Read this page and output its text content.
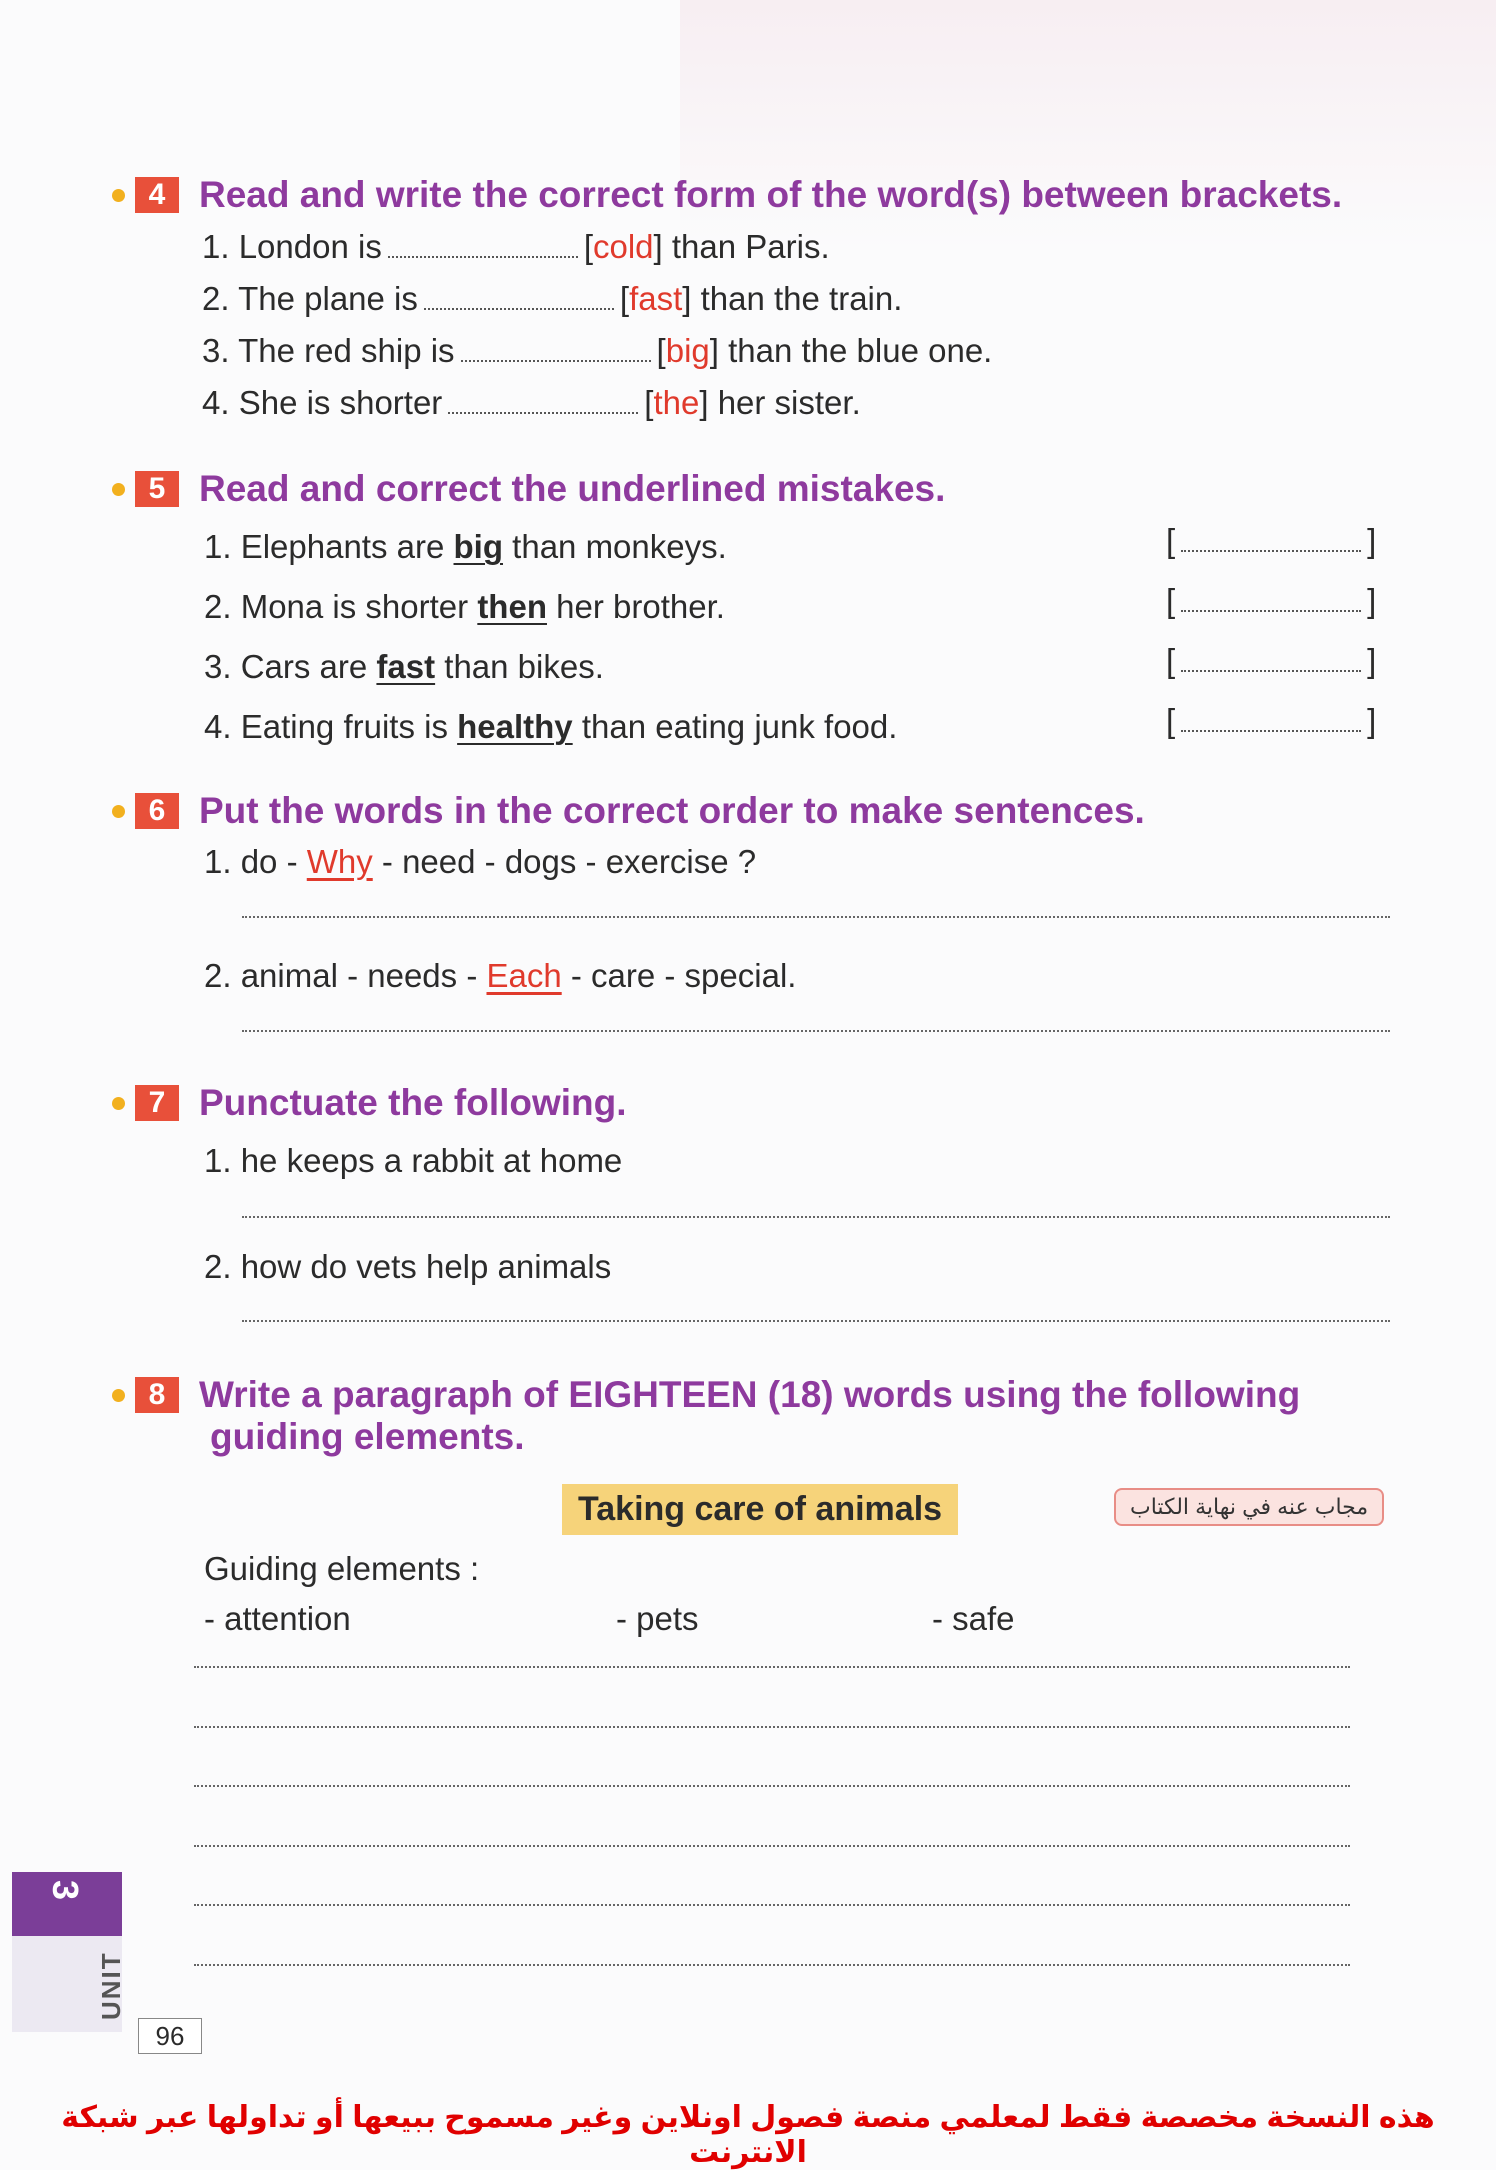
4 Read and write the correct form of the word(s) between brackets.
1. London is	[cold] than Paris.
2. The plane is	[fast] than the train.
3. The red ship is	[big] than the blue one.
4. She is shorter	[the] her sister.
5 Read and correct the underlined mistakes.
1. Elephants are big than monkeys.	[	]
2. Mona is shorter then her brother.	[	]
3. Cars are fast than bikes.	[	]
4. Eating fruits is healthy than eating junk food.	[	]
6 Put the words in the correct order to make sentences.
1. do - Why - need - dogs - exercise ?
2. animal - needs - Each - care - special.
7 Punctuate the following.
1. he keeps a rabbit at home
2. how do vets help animals
8 Write a paragraph of EIGHTEEN (18) words using the following
guiding elements.
Taking care of animals	مجاب عنه في نهاية الكتاب
Guiding elements :
- attention	- pets	- safe
3
UNIT
96
هذه النسخة مخصصة فقط لمعلمي منصة فصول اونلاين وغير مسموح ببيعها أو تداولها عبر شبكة الانترنت
